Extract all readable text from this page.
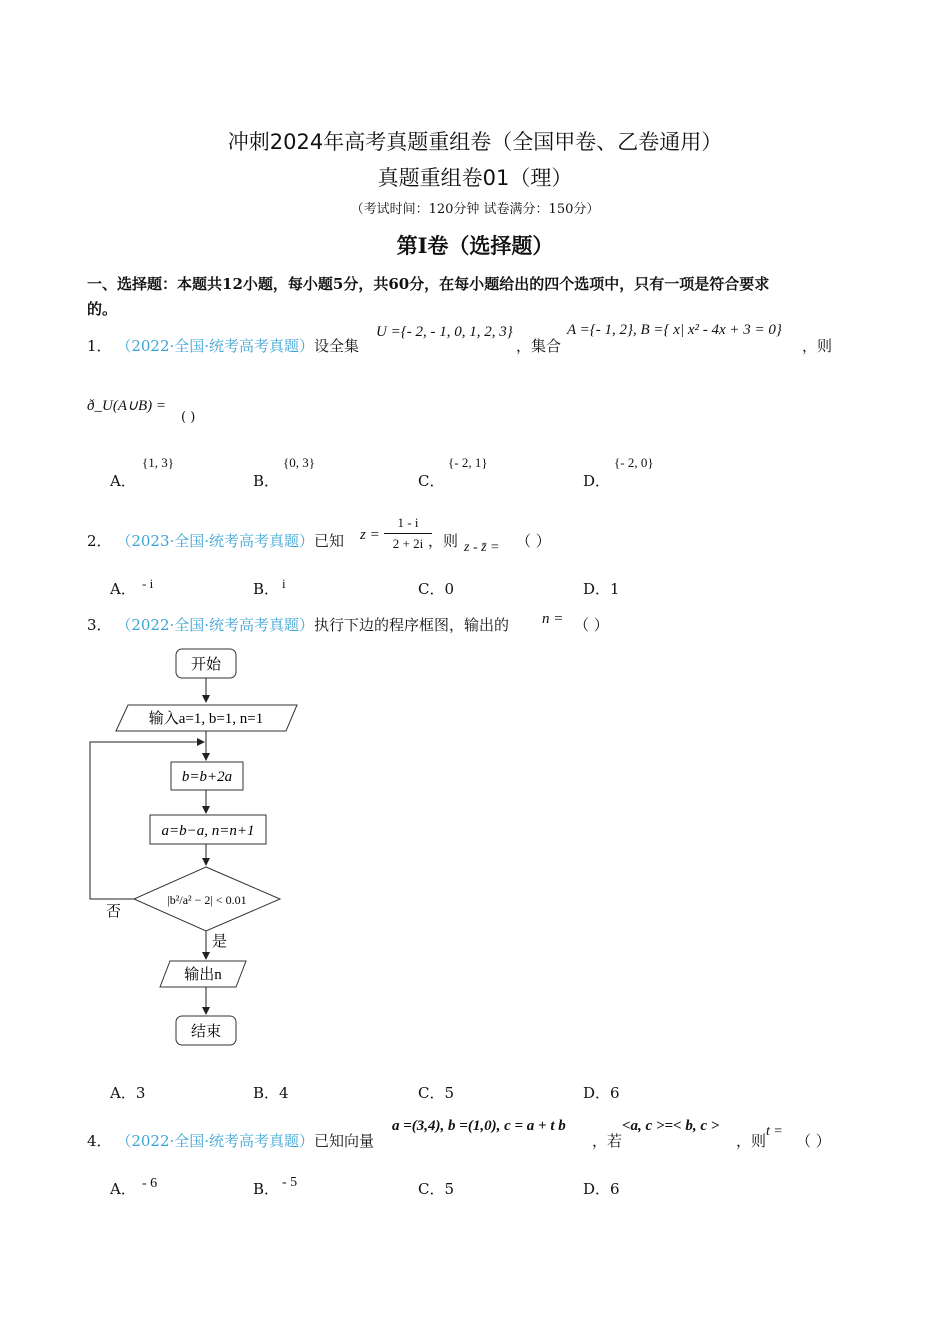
冲刺2024年高考真题重组卷（全国甲卷、乙卷通用）
真题重组卷01（理）
（考试时间：120分钟 试卷满分：150分）
第I卷（选择题）
一、选择题：本题共12小题，每小题5分，共60分，在每小题给出的四个选项中，只有一项是符合要求
的。
1． （2022·全国·统考高考真题）设全集
U ={- 2, - 1, 0, 1, 2, 3}
，集合
A ={- 1, 2}, B ={ x| x² - 4x + 3 = 0}
，则
ð_U(A∪B) =
( )
A．
{1, 3}
B．
{0, 3}
C．
{- 2, 1}
D．
{- 2, 0}
2． （2023·全国·统考高考真题）已知 z =
1 - i
2 + 2i ，则 z - z̄ = （ ）
A． - i	B． i	C．0	D．1
3． （2022·全国·统考高考真题）执行下边的程序框图，输出的 n = （ ）
开始
输入a=1, b=1, n=1
b=b+2a
a=b−a, n=n+1
|b²/a² − 2| < 0.01
否
是
输出n
结束
A．3	B．4	C．5	D．6
4． （2022·全国·统考高考真题）已知向量
a =(3,4), b =(1,0), c = a + t b
，若
<a, c >=< b, c >
，则
t =
（ ）
A． - 6	B． - 5	C．5	D．6
